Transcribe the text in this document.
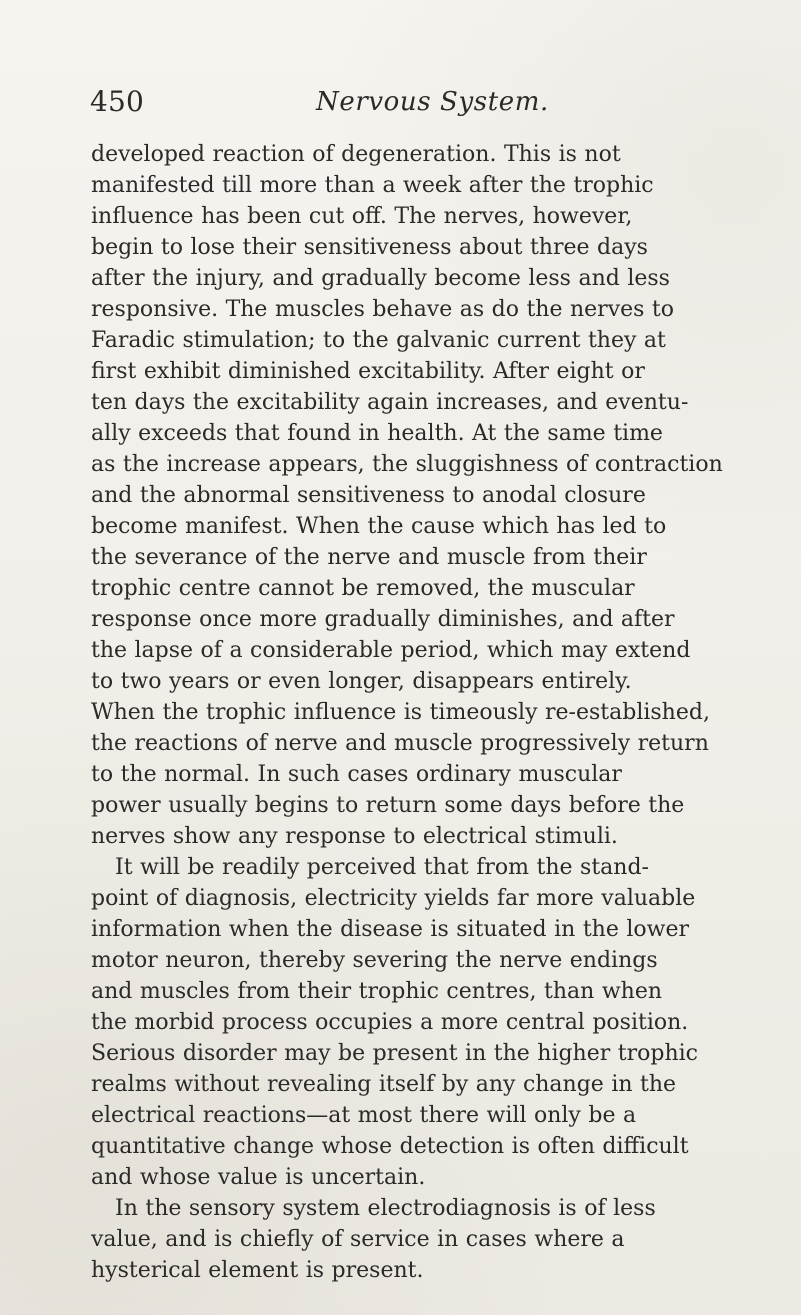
450	Nervous System.
developed reaction of degeneration. This is not
manifested till more than a week after the trophic
influence has been cut off. The nerves, however,
begin to lose their sensitiveness about three days
after the injury, and gradually become less and less
responsive. The muscles behave as do the nerves to
Faradic stimulation; to the galvanic current they at
first exhibit diminished excitability. After eight or
ten days the excitability again increases, and eventu-
ally exceeds that found in health. At the same time
as the increase appears, the sluggishness of contraction
and the abnormal sensitiveness to anodal closure
become manifest. When the cause which has led to
the severance of the nerve and muscle from their
trophic centre cannot be removed, the muscular
response once more gradually diminishes, and after
the lapse of a considerable period, which may extend
to two years or even longer, disappears entirely.
When the trophic influence is timeously re-established,
the reactions of nerve and muscle progressively return
to the normal. In such cases ordinary muscular
power usually begins to return some days before the
nerves show any response to electrical stimuli.
It will be readily perceived that from the stand-
point of diagnosis, electricity yields far more valuable
information when the disease is situated in the lower
motor neuron, thereby severing the nerve endings
and muscles from their trophic centres, than when
the morbid process occupies a more central position.
Serious disorder may be present in the higher trophic
realms without revealing itself by any change in the
electrical reactions—at most there will only be a
quantitative change whose detection is often difficult
and whose value is uncertain.
In the sensory system electrodiagnosis is of less
value, and is chiefly of service in cases where a
hysterical element is present.
